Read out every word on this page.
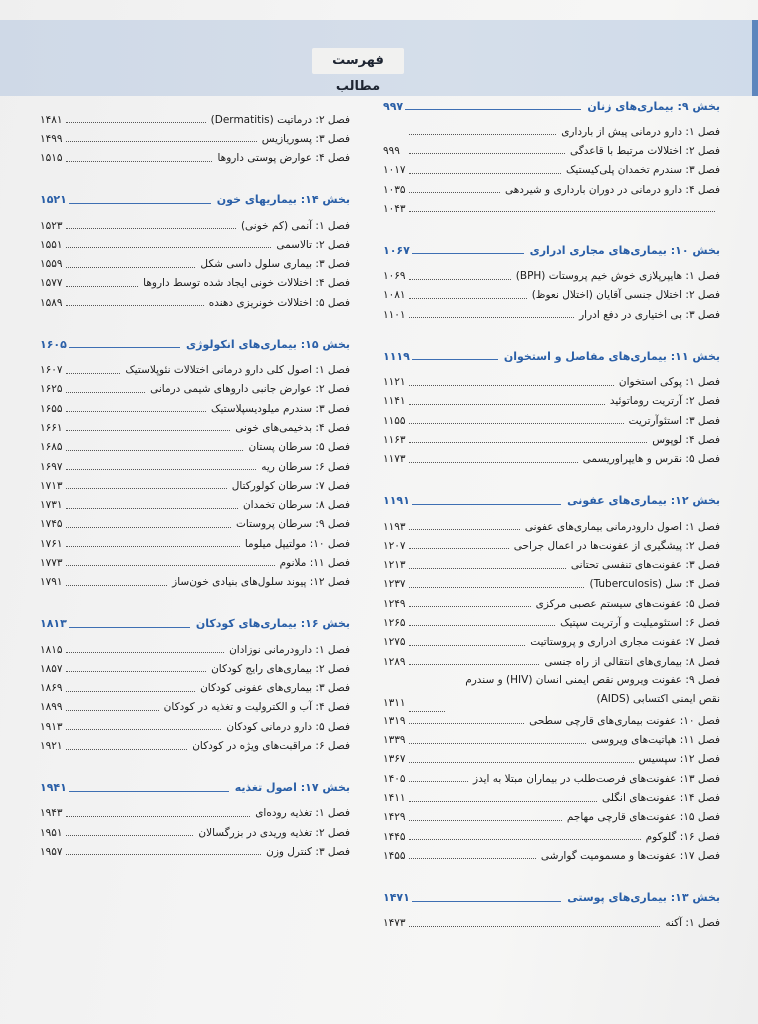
فهرست مطالب
بخش ۹: بیماری‌های زنان
۹۹۷
فصل ۱: دارو درمانی پیش از بارداری
فصل ۲: اختلالات مرتبط با قاعدگی
۹۹۹
فصل ۳: سندرم تخمدان پلی‌کیستیک
۱۰۱۷
فصل ۴: دارو درمانی در دوران بارداری و شیردهی
۱۰۳۵
۱۰۴۳
بخش ۱۰: بیماری‌های مجاری ادراری
۱۰۶۷
فصل ۱: هایپرپلازی خوش خیم پروستات (BPH)
۱۰۶۹
فصل ۲: اختلال جنسی آقایان (اختلال نعوظ)
۱۰۸۱
فصل ۳: بی اختیاری در دفع ادرار
۱۱۰۱
بخش ۱۱: بیماری‌های مفاصل و استخوان
۱۱۱۹
فصل ۱: پوکی استخوان
۱۱۲۱
فصل ۲: آرتریت روماتوئید
۱۱۴۱
فصل ۳: استئوآرتریت
۱۱۵۵
فصل ۴: لوپوس
۱۱۶۳
فصل ۵: نقرس و هایپراوریسمی
۱۱۷۳
بخش ۱۲: بیماری‌های عفونی
۱۱۹۱
فصل ۱: اصول دارودرمانی بیماری‌های عفونی
۱۱۹۳
فصل ۲: پیشگیری از عفونت‌ها در اعمال جراحی
۱۲۰۷
فصل ۳: عفونت‌های تنفسی تحتانی
۱۲۱۳
فصل ۴: سل (Tuberculosis)
۱۲۳۷
فصل ۵: عفونت‌های سیستم عصبی مرکزی
۱۲۴۹
فصل ۶: استئومیلیت و آرتریت سپتیک
۱۲۶۵
فصل ۷: عفونت مجاری ادراری و پروستاتیت
۱۲۷۵
فصل ۸: بیماری‌های انتقالی از راه جنسی
۱۲۸۹
فصل ۹: عفونت ویروس نقص ایمنی انسان (HIV) و سندرم نقص ایمنی اکتسابی (AIDS)
۱۳۱۱
فصل ۱۰: عفونت بیماری‌های قارچی سطحی
۱۳۱۹
فصل ۱۱: هپاتیت‌های ویروسی
۱۳۳۹
فصل ۱۲: سپسیس
۱۳۶۷
فصل ۱۳: عفونت‌های فرصت‌طلب در بیماران مبتلا به ایدز
۱۴۰۵
فصل ۱۴: عفونت‌های انگلی
۱۴۱۱
فصل ۱۵: عفونت‌های قارچی مهاجم
۱۴۲۹
فصل ۱۶: گلوکوم
۱۴۴۵
فصل ۱۷: عفونت‌ها و مسمومیت گوارشی
۱۴۵۵
بخش ۱۳: بیماری‌های پوستی
۱۴۷۱
فصل ۱: آکنه
۱۴۷۳
فصل ۲: درماتیت (Dermatitis)
۱۴۸۱
فصل ۳: پسوریازیس
۱۴۹۹
فصل ۴: عوارض پوستی داروها
۱۵۱۵
بخش ۱۴: بیماریهای خون
۱۵۲۱
فصل ۱: آنمی (کم خونی)
۱۵۲۳
فصل ۲: تالاسمی
۱۵۵۱
فصل ۳: بیماری سلول داسی شکل
۱۵۵۹
فصل ۴: اختلالات خونی ایجاد شده توسط داروها
۱۵۷۷
فصل ۵: اختلالات خونریزی دهنده
۱۵۸۹
بخش ۱۵: بیماری‌های انکولوژی
۱۶۰۵
فصل ۱: اصول کلی دارو درمانی اختلالات نئوپلاستیک
۱۶۰۷
فصل ۲: عوارض جانبی داروهای شیمی درمانی
۱۶۲۵
فصل ۳: سندرم میلودیسپلاستیک
۱۶۵۵
فصل ۴: بدخیمی‌های خونی
۱۶۶۱
فصل ۵: سرطان پستان
۱۶۸۵
فصل ۶: سرطان ریه
۱۶۹۷
فصل ۷: سرطان کولورکتال
۱۷۱۳
فصل ۸: سرطان تخمدان
۱۷۳۱
فصل ۹: سرطان پروستات
۱۷۴۵
فصل ۱۰: مولتیپل میلوما
۱۷۶۱
فصل ۱۱: ملانوم
۱۷۷۳
فصل ۱۲: پیوند سلول‌های بنیادی خون‌ساز
۱۷۹۱
بخش ۱۶: بیماری‌های کودکان
۱۸۱۳
فصل ۱: دارودرمانی نوزادان
۱۸۱۵
فصل ۲: بیماری‌های رایج کودکان
۱۸۵۷
فصل ۳: بیماری‌های عفونی کودکان
۱۸۶۹
فصل ۴: آب و الکترولیت و تغذیه در کودکان
۱۸۹۹
فصل ۵: دارو درمانی کودکان
۱۹۱۳
فصل ۶: مراقبت‌های ویژه در کودکان
۱۹۲۱
بخش ۱۷: اصول تغذیه
۱۹۴۱
فصل ۱: تغذیه روده‌ای
۱۹۴۳
فصل ۲: تغذیه وریدی در بزرگسالان
۱۹۵۱
فصل ۳: کنترل وزن
۱۹۵۷
